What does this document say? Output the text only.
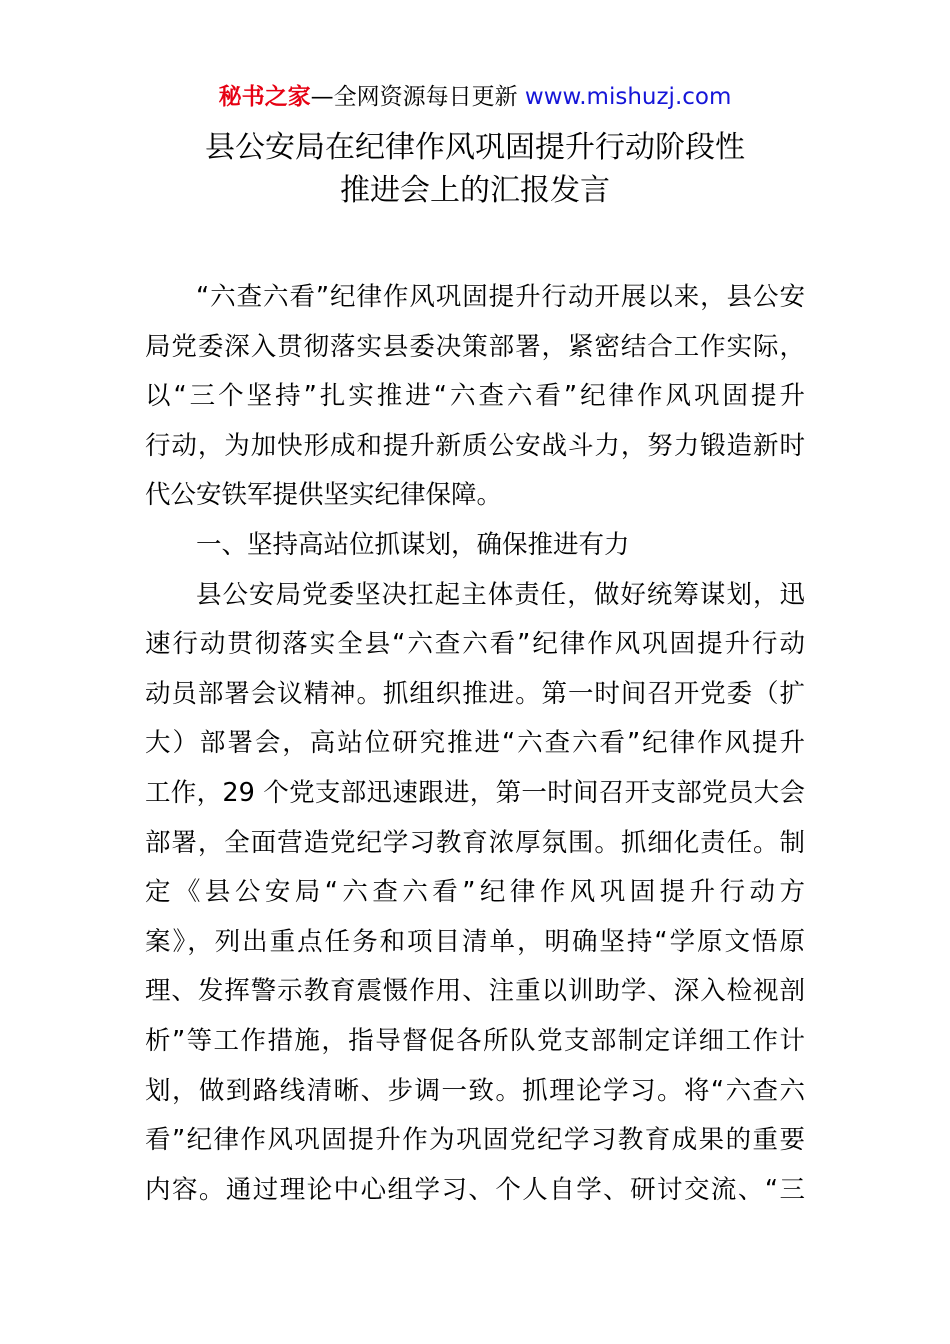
秘书之家—全网资源每日更新 www.mishuzj.com
县公安局在纪律作风巩固提升行动阶段性
推进会上的汇报发言
“六查六看”纪律作风巩固提升行动开展以来，县公安
局党委深入贯彻落实县委决策部署，紧密结合工作实际，
以“三个坚持”扎实推进“六查六看”纪律作风巩固提升
行动，为加快形成和提升新质公安战斗力，努力锻造新时
代公安铁军提供坚实纪律保障。
一、坚持高站位抓谋划，确保推进有力
县公安局党委坚决扛起主体责任，做好统筹谋划，迅
速行动贯彻落实全县“六查六看”纪律作风巩固提升行动
动员部署会议精神。抓组织推进。第一时间召开党委（扩
大）部署会，高站位研究推进“六查六看”纪律作风提升
工作，29 个党支部迅速跟进，第一时间召开支部党员大会
部署，全面营造党纪学习教育浓厚氛围。抓细化责任。制
定《县公安局“六查六看”纪律作风巩固提升行动方
案》，列出重点任务和项目清单，明确坚持“学原文悟原
理、发挥警示教育震慑作用、注重以训助学、深入检视剖
析”等工作措施，指导督促各所队党支部制定详细工作计
划，做到路线清晰、步调一致。抓理论学习。将“六查六
看”纪律作风巩固提升作为巩固党纪学习教育成果的重要
内容。通过理论中心组学习、个人自学、研讨交流、“三
